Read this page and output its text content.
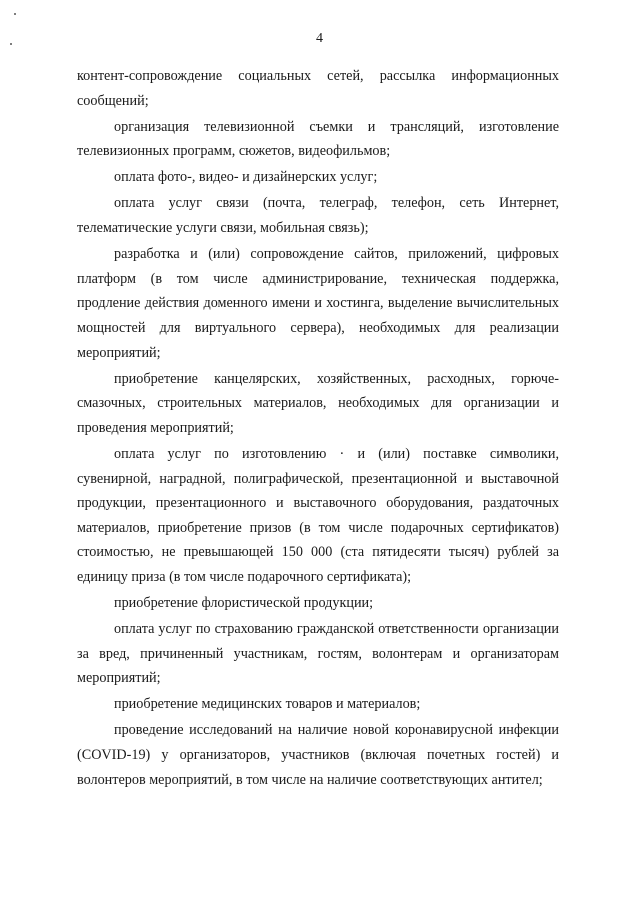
4

контент-сопровождение социальных сетей, рассылка информационных сообщений;

организация телевизионной съемки и трансляций, изготовление телевизионных программ, сюжетов, видеофильмов;

оплата фото-, видео- и дизайнерских услуг;

оплата услуг связи (почта, телеграф, телефон, сеть Интернет, телематические услуги связи, мобильная связь);

разработка и (или) сопровождение сайтов, приложений, цифровых платформ (в том числе администрирование, техническая поддержка, продление действия доменного имени и хостинга, выделение вычислительных мощностей для виртуального сервера), необходимых для реализации мероприятий;

приобретение канцелярских, хозяйственных, расходных, горюче-смазочных, строительных материалов, необходимых для организации и проведения мероприятий;

оплата услуг по изготовлению · и (или) поставке символики, сувенирной, наградной, полиграфической, презентационной и выставочной продукции, презентационного и выставочного оборудования, раздаточных материалов, приобретение призов (в том числе подарочных сертификатов) стоимостью, не превышающей 150 000 (ста пятидесяти тысяч) рублей за единицу приза (в том числе подарочного сертификата);

приобретение флористической продукции;

оплата услуг по страхованию гражданской ответственности организации за вред, причиненный участникам, гостям, волонтерам и организаторам мероприятий;

приобретение медицинских товаров и материалов;

проведение исследований на наличие новой коронавирусной инфекции (COVID-19) у организаторов, участников (включая почетных гостей) и волонтеров мероприятий, в том числе на наличие соответствующих антител;
